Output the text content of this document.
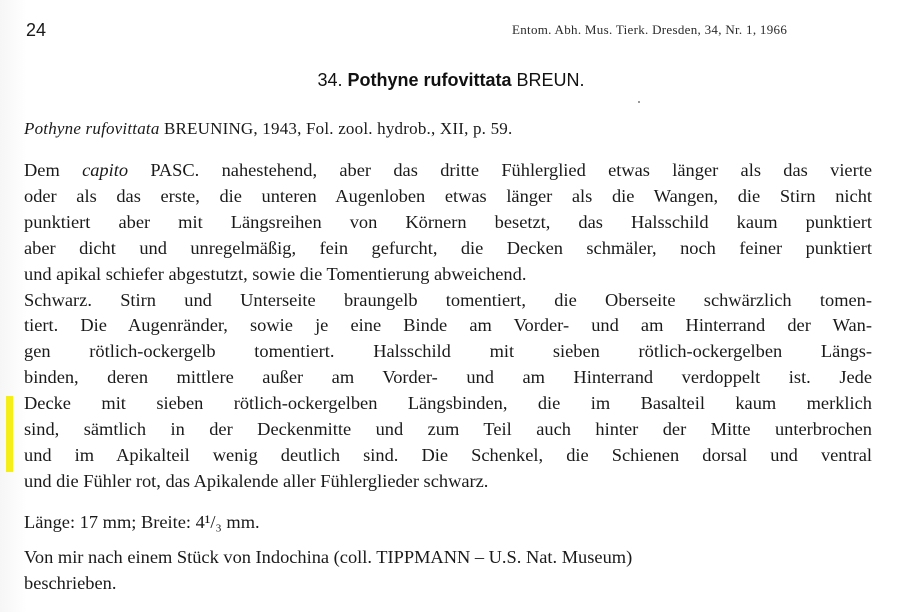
24	Entom. Abh. Mus. Tierk. Dresden, 34, Nr. 1, 1966
34. Pothyne rufovittata BREUN.
Pothyne rufovittata BREUNING, 1943, Fol. zool. hydrob., XII, p. 59.
Dem capito PASC. nahestehend, aber das dritte Fühlerglied etwas länger als das vierte
oder als das erste, die unteren Augenloben etwas länger als die Wangen, die Stirn nicht
punktiert aber mit Längsreihen von Körnern besetzt, das Halsschild kaum punktiert
aber dicht und unregelmäßig, fein gefurcht, die Decken schmäler, noch feiner punktiert
und apikal schiefer abgestutzt, sowie die Tomentierung abweichend.
Schwarz. Stirn und Unterseite braungelb tomentiert, die Oberseite schwärzlich tomen-
tiert. Die Augenränder, sowie je eine Binde am Vorder- und am Hinterrand der Wan-
gen rötlich-ockergelb tomentiert. Halsschild mit sieben rötlich-ockergelben Längs-
binden, deren mittlere außer am Vorder- und am Hinterrand verdoppelt ist. Jede
Decke mit sieben rötlich-ockergelben Längsbinden, die im Basalteil kaum merklich
sind, sämtlich in der Deckenmitte und zum Teil auch hinter der Mitte unterbrochen
und im Apikalteil wenig deutlich sind. Die Schenkel, die Schienen dorsal und ventral
und die Fühler rot, das Apikalende aller Fühlerglieder schwarz.
Länge: 17 mm; Breite: 4¹/₃ mm.
Von mir nach einem Stück von Indochina (coll. TIPPMANN – U.S. Nat. Museum)
beschrieben.
